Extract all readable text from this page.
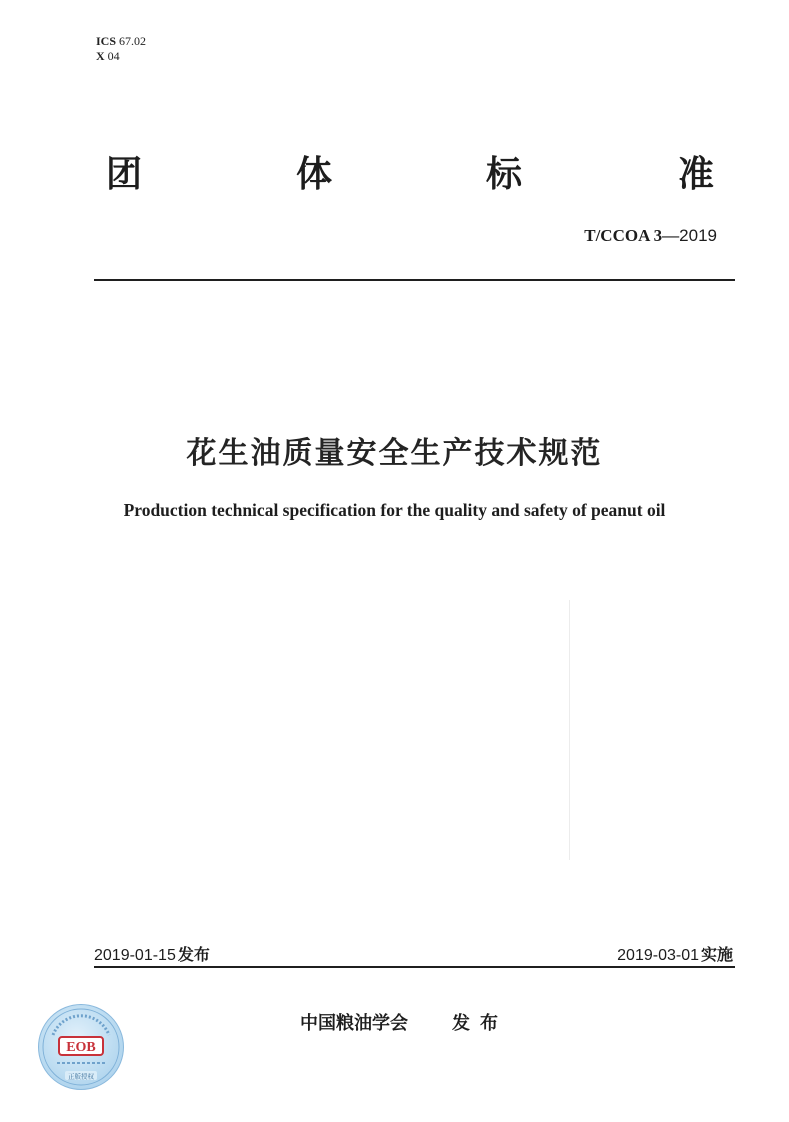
ICS 67.02
X 04
团	体	标	准
T/CCOA 3—2019
花生油质量安全生产技术规范
Production technical specification for the quality and safety of peanut oil
2019-01-15 发布	2019-03-01 实施
中国粮油学会 发布
EOB
正版授权
